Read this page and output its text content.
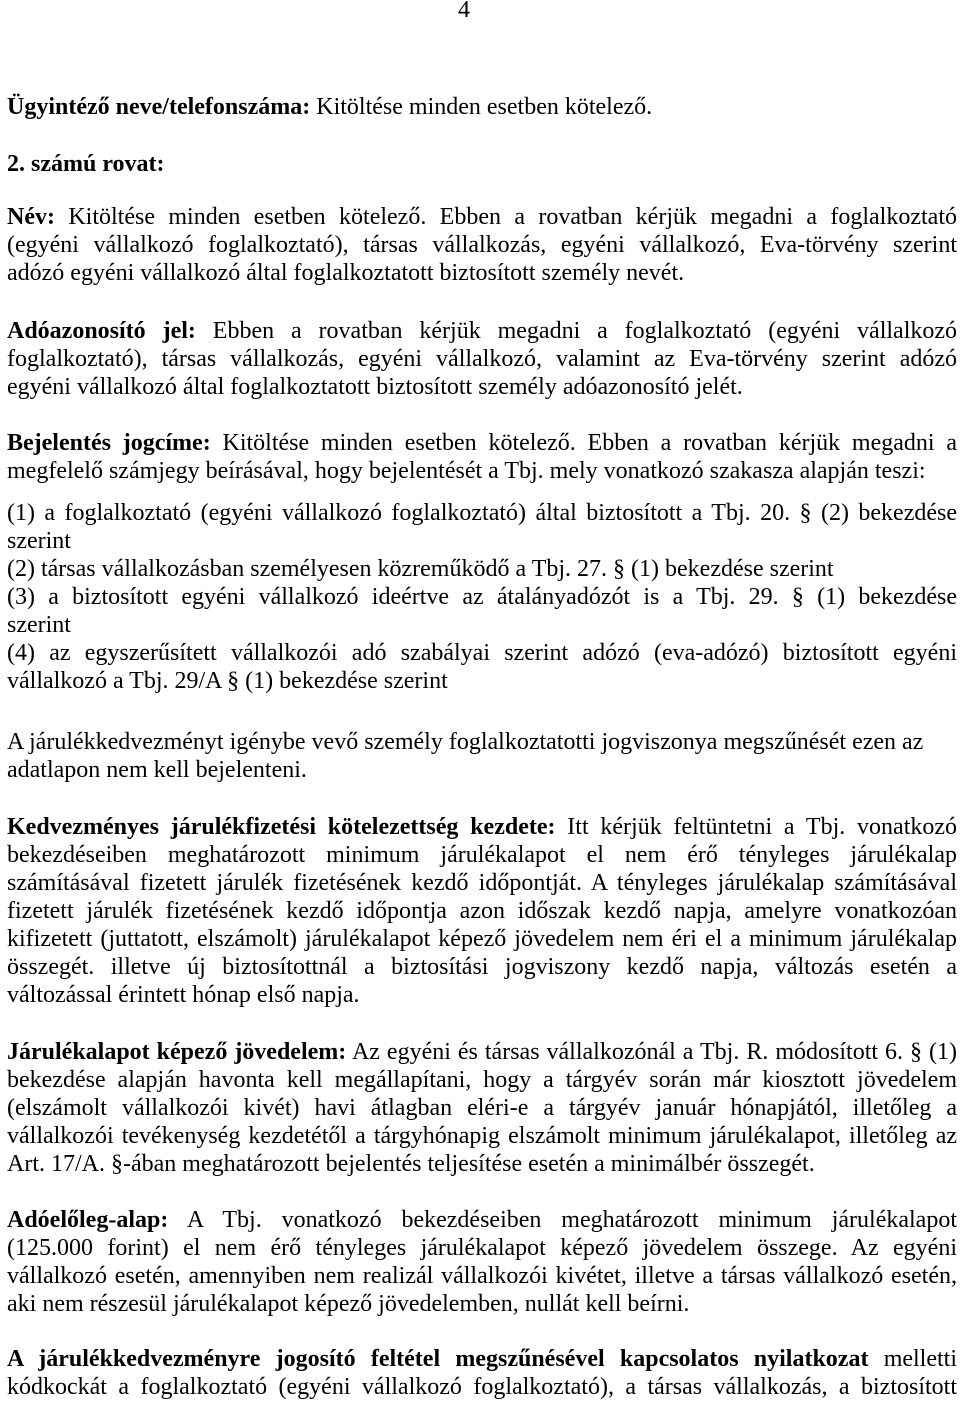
4
Ügyintéző neve/telefonszáma: Kitöltése minden esetben kötelező.
2. számú rovat:
Név: Kitöltése minden esetben kötelező. Ebben a rovatban kérjük megadni a foglalkoztató
(egyéni vállalkozó foglalkoztató), társas vállalkozás, egyéni vállalkozó, Eva-törvény szerint
adózó egyéni vállalkozó által foglalkoztatott biztosított személy nevét.
Adóazonosító jel: Ebben a rovatban kérjük megadni a foglalkoztató (egyéni vállalkozó
foglalkoztató), társas vállalkozás, egyéni vállalkozó, valamint az Eva-törvény szerint adózó
egyéni vállalkozó által foglalkoztatott biztosított személy adóazonosító jelét.
Bejelentés jogcíme: Kitöltése minden esetben kötelező. Ebben a rovatban kérjük megadni a
megfelelő számjegy beírásával, hogy bejelentését a Tbj. mely vonatkozó szakasza alapján teszi:
(1) a foglalkoztató (egyéni vállalkozó foglalkoztató) által biztosított a Tbj. 20. § (2) bekezdése
szerint
(2) társas vállalkozásban személyesen közreműködő a Tbj. 27. § (1) bekezdése szerint
(3) a biztosított egyéni vállalkozó ideértve az átalányadózót is a Tbj. 29. § (1) bekezdése
szerint
(4) az egyszerűsített vállalkozói adó szabályai szerint adózó (eva-adózó) biztosított egyéni
vállalkozó a Tbj. 29/A § (1) bekezdése szerint
A járulékkedvezményt igénybe vevő személy foglalkoztatotti jogviszonya megszűnését ezen az
adatlapon nem kell bejelenteni.
Kedvezményes járulékfizetési kötelezettség kezdete: Itt kérjük feltüntetni a Tbj. vonatkozó
bekezdéseiben meghatározott minimum járulékalapot el nem érő tényleges járulékalap
számításával fizetett járulék fizetésének kezdő időpontját. A tényleges járulékalap számításával
fizetett járulék fizetésének kezdő időpontja azon időszak kezdő napja, amelyre vonatkozóan
kifizetett (juttatott, elszámolt) járulékalapot képező jövedelem nem éri el a minimum járulékalap
összegét. illetve új biztosítottnál a biztosítási jogviszony kezdő napja, változás esetén a
változással érintett hónap első napja.
Járulékalapot képező jövedelem: Az egyéni és társas vállalkozónál a Tbj. R. módosított 6. § (1)
bekezdése alapján havonta kell megállapítani, hogy a tárgyév során már kiosztott jövedelem
(elszámolt vállalkozói kivét) havi átlagban eléri-e a tárgyév január hónapjától, illetőleg a
vállalkozói tevékenység kezdetétől a tárgyhónapig elszámolt minimum járulékalapot, illetőleg az
Art. 17/A. §-ában meghatározott bejelentés teljesítése esetén a minimálbér összegét.
Adóelőleg-alap: A Tbj. vonatkozó bekezdéseiben meghatározott minimum járulékalapot
(125.000 forint) el nem érő tényleges járulékalapot képező jövedelem összege. Az egyéni
vállalkozó esetén, amennyiben nem realizál vállalkozói kivétet, illetve a társas vállalkozó esetén,
aki nem részesül járulékalapot képező jövedelemben, nullát kell beírni.
A járulékkedvezményre jogosító feltétel megszűnésével kapcsolatos nyilatkozat melletti
kódkockát a foglalkoztató (egyéni vállalkozó foglalkoztató), a társas vállalkozás, a biztosított
